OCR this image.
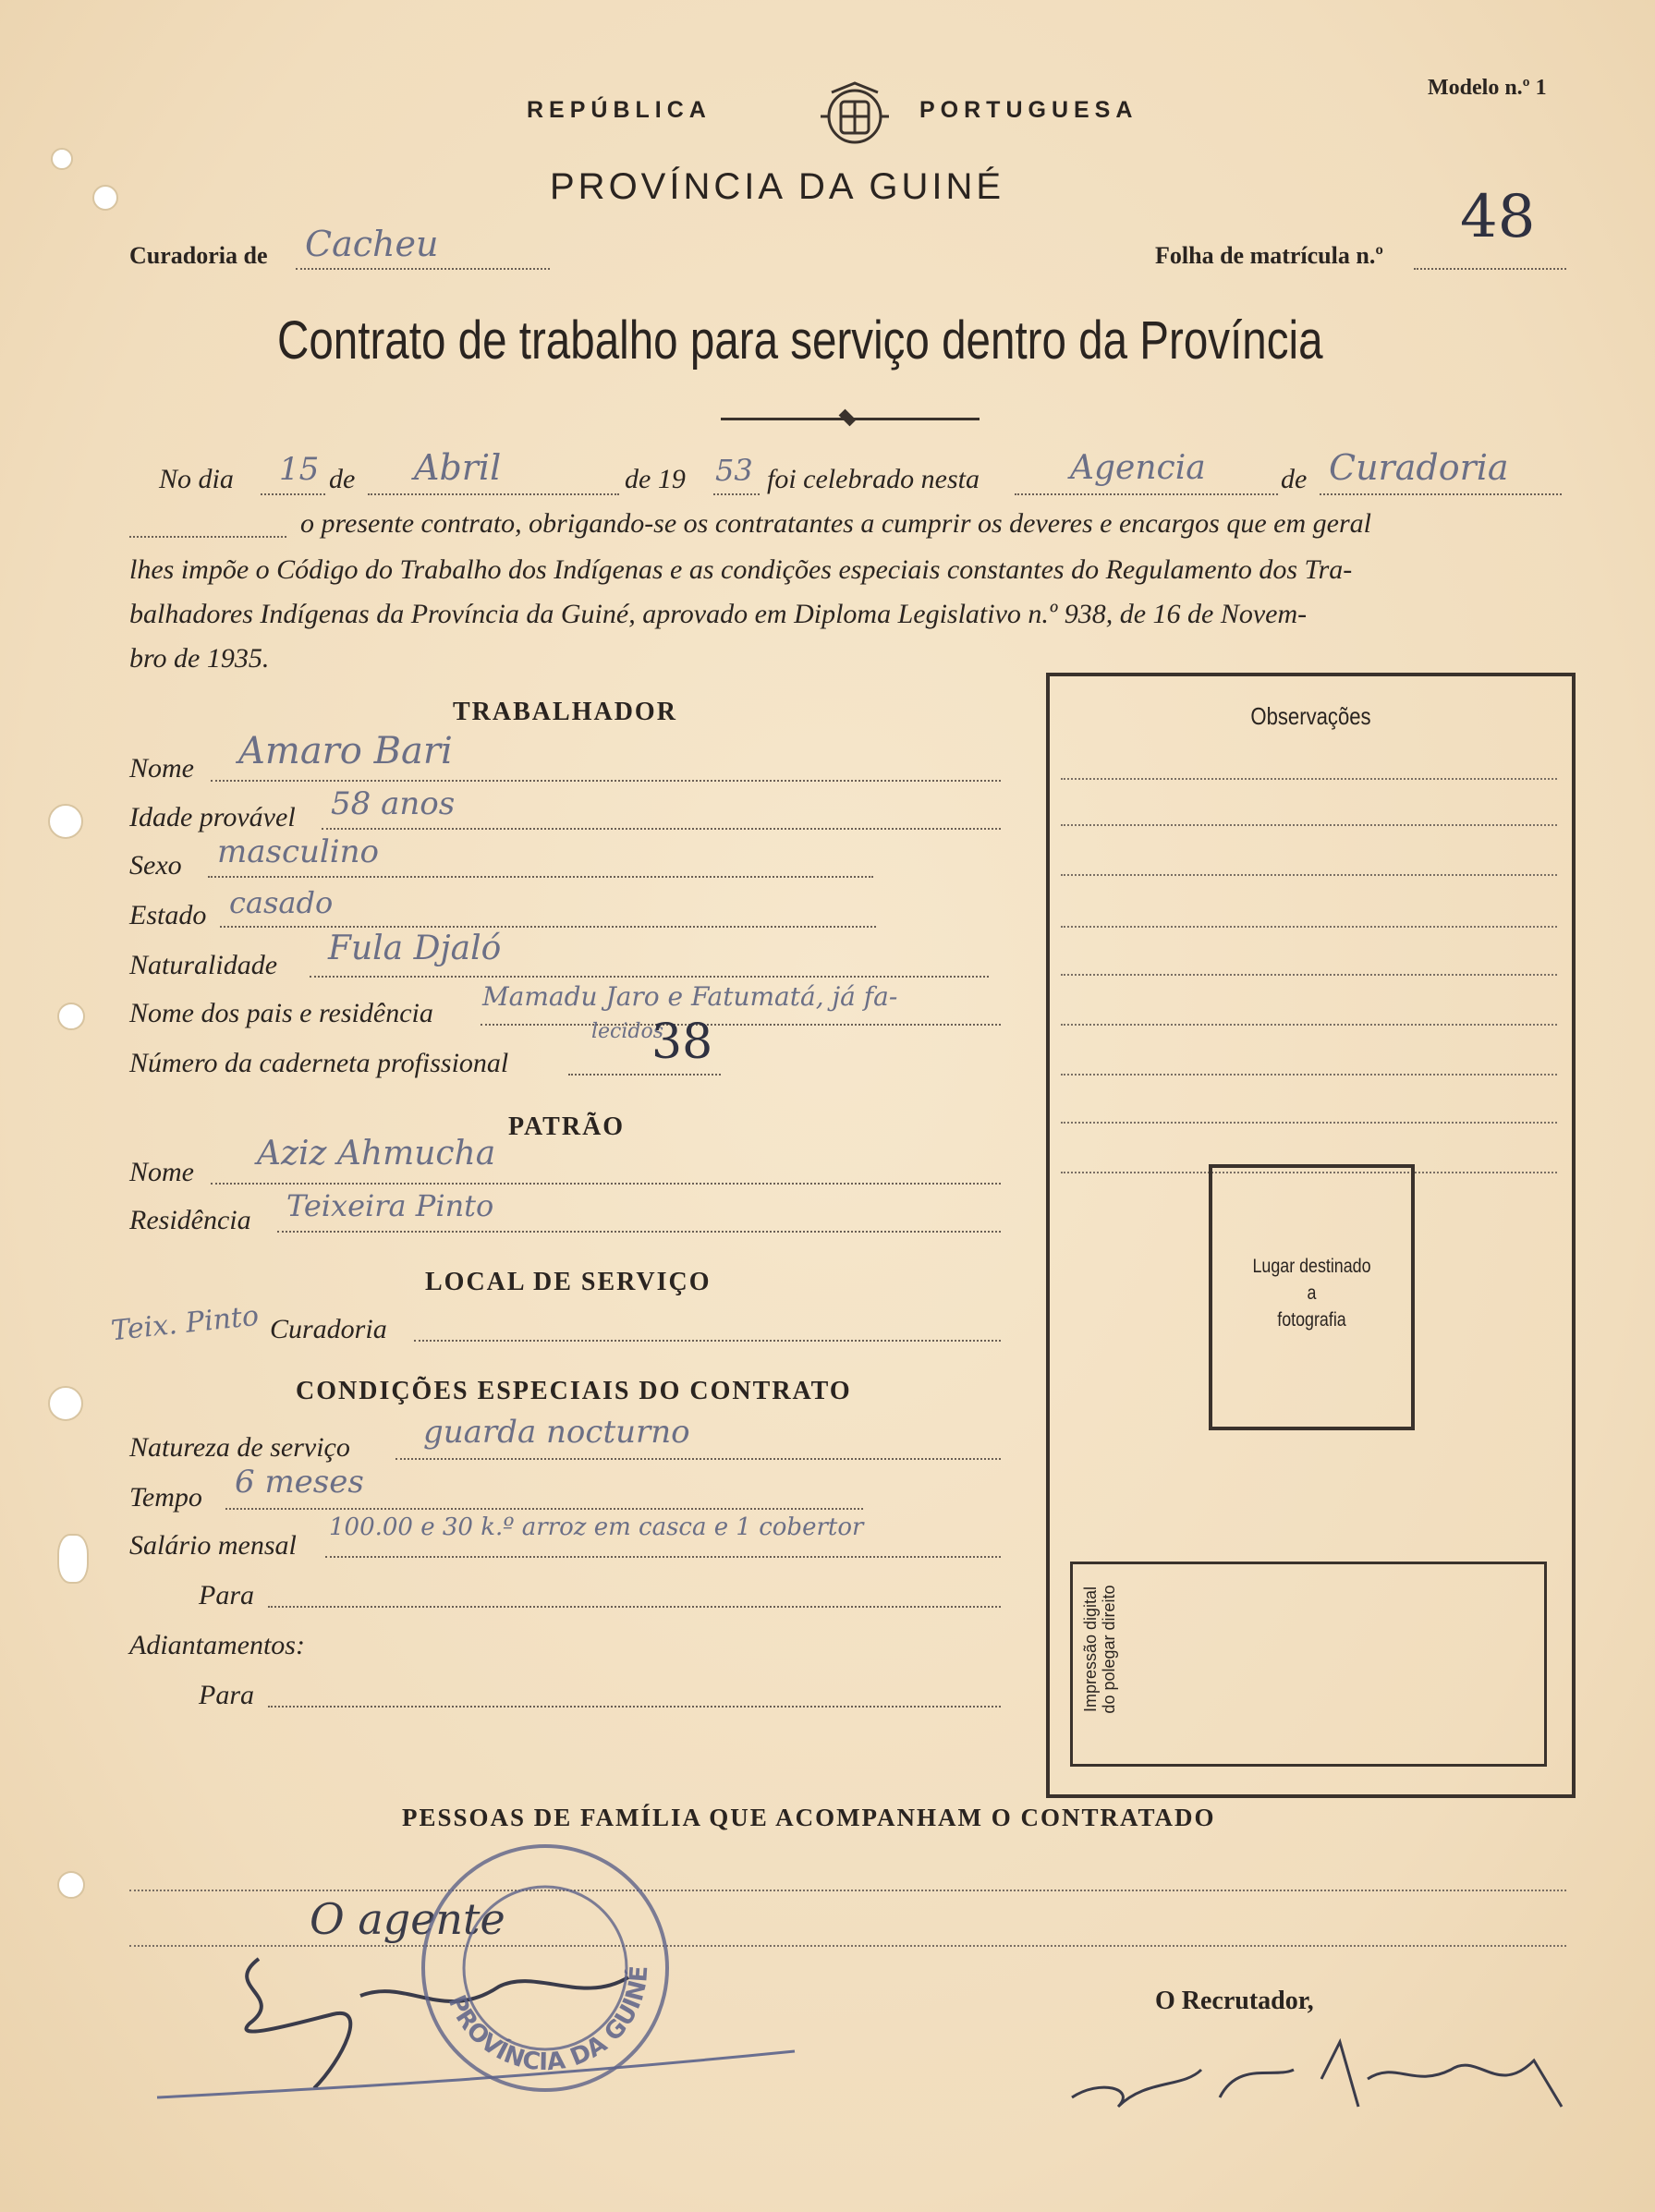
Modelo n.º 1
REPÚBLICA	PORTUGUESA
PROVÍNCIA DA GUINÉ
Curadoria de Cacheu	Folha de matrícula n.º
48
Contrato de trabalho para serviço dentro da Província
No dia 15 de Abril	de 19 53 foi celebrado nesta	Agencia	de Curadoria
o presente contrato, obrigando-se os contratantes a cumprir os deveres e encargos que em geral
lhes impõe o Código do Trabalho dos Indígenas e as condições especiais constantes do Regulamento dos Tra-
balhadores Indígenas da Província da Guiné, aprovado em Diploma Legislativo n.º 938, de 16 de Novem-
bro de 1935.
Observações
Lugar destinado
a
fotografia
Impressão digital do polegar direito
TRABALHADOR
Nome Amaro Bari
Idade provável 58 anos
Sexo masculino
Estado casado
Naturalidade Fula Djaló
Nome dos pais e residência
Mamadu Jaro e Fatumatá, já fa-
lecidos
Número da caderneta profissional	38
PATRÃO
Nome Aziz Ahmucha
Residência Teixeira Pinto
LOCAL DE SERVIÇO
Teix. Pinto Curadoria
CONDIÇÕES ESPECIAIS DO CONTRATO
Natureza de serviço guarda nocturno
Tempo 6 meses
Salário mensal
100.00 e 30 k.º arroz em casca e 1 cobertor
Para
Adiantamentos:
Para
PESSOAS DE FAMÍLIA QUE ACOMPANHAM O CONTRATADO
O agente
PROVÍNCIA DA GUINÉ
O Recrutador,
